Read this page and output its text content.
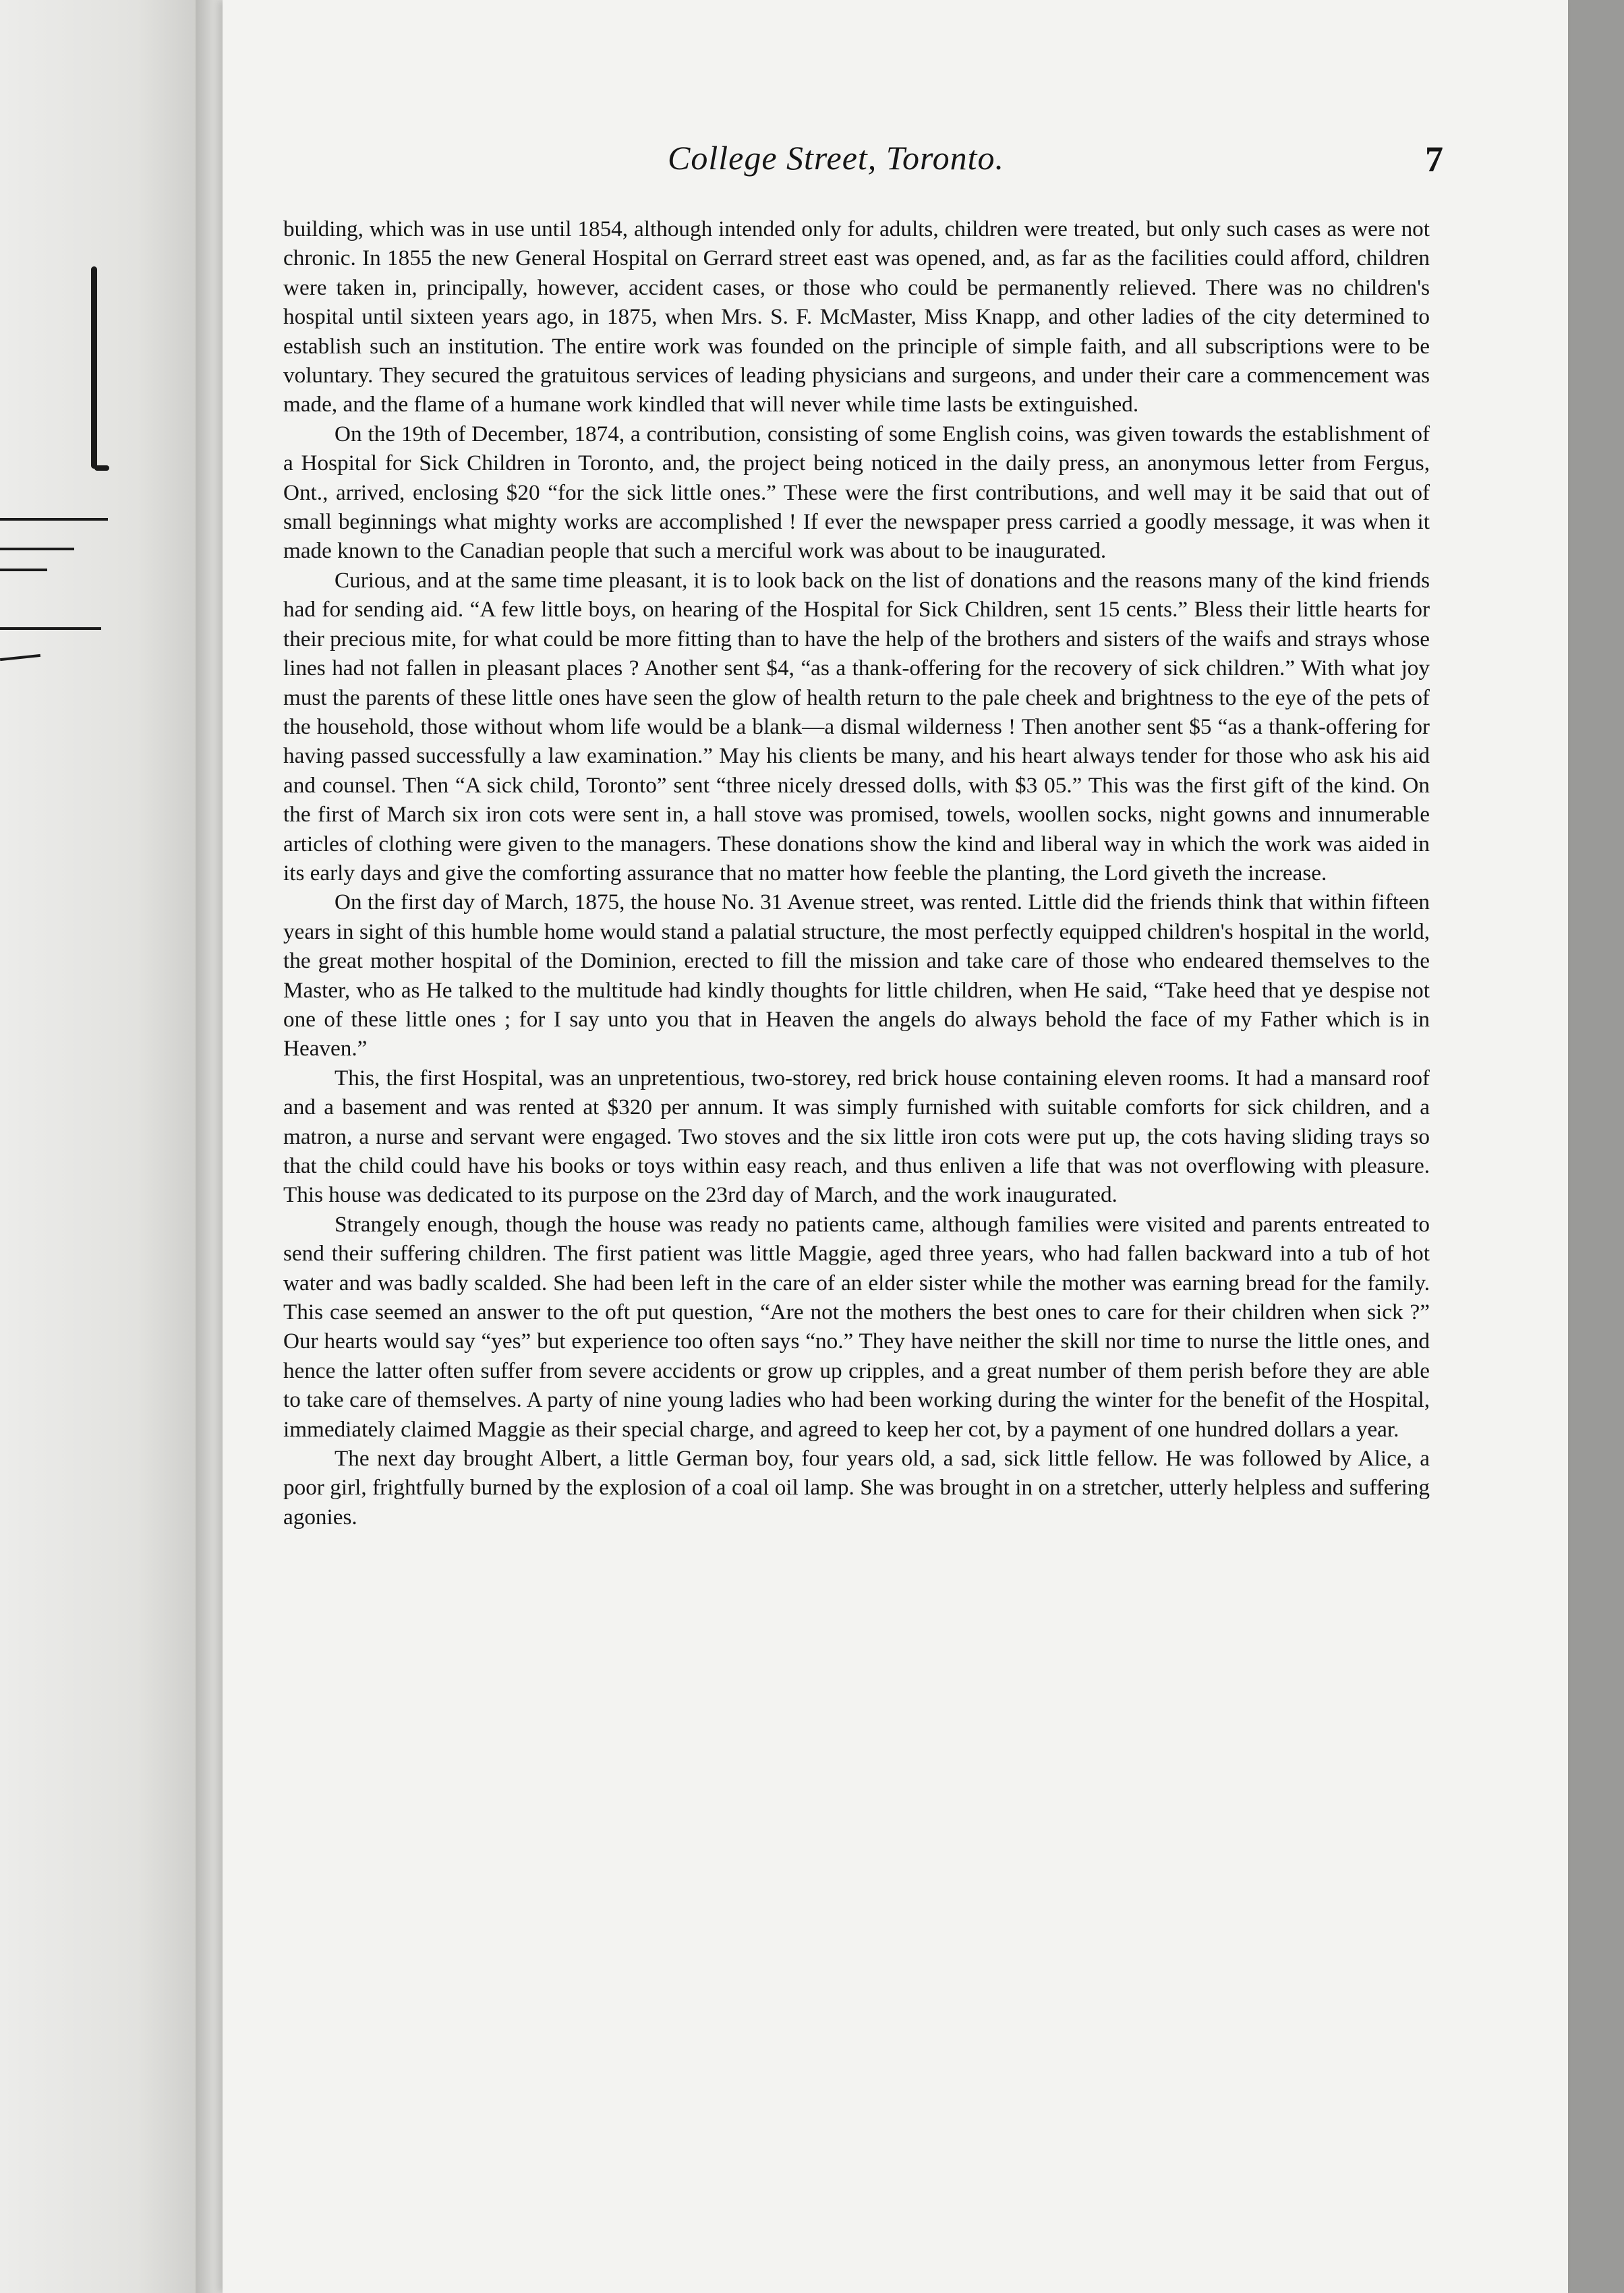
College Street, Toronto.	7

building, which was in use until 1854, although intended only for adults, children were treated, but only such cases as were not chronic. In 1855 the new General Hospital on Gerrard street east was opened, and, as far as the facilities could afford, children were taken in, principally, however, accident cases, or those who could be permanently relieved. There was no children's hospital until sixteen years ago, in 1875, when Mrs. S. F. McMaster, Miss Knapp, and other ladies of the city determined to establish such an institution. The entire work was founded on the principle of simple faith, and all subscriptions were to be voluntary. They secured the gratuitous services of leading physicians and surgeons, and under their care a commencement was made, and the flame of a humane work kindled that will never while time lasts be extinguished.

On the 19th of December, 1874, a contribution, consisting of some English coins, was given towards the establishment of a Hospital for Sick Children in Toronto, and, the project being noticed in the daily press, an anonymous letter from Fergus, Ont., arrived, enclosing $20 “for the sick little ones.” These were the first contributions, and well may it be said that out of small beginnings what mighty works are accomplished ! If ever the newspaper press carried a goodly message, it was when it made known to the Canadian people that such a merciful work was about to be inaugurated.

Curious, and at the same time pleasant, it is to look back on the list of donations and the reasons many of the kind friends had for sending aid. “A few little boys, on hearing of the Hospital for Sick Children, sent 15 cents.” Bless their little hearts for their precious mite, for what could be more fitting than to have the help of the brothers and sisters of the waifs and strays whose lines had not fallen in pleasant places ? Another sent $4, “as a thank-offering for the recovery of sick children.” With what joy must the parents of these little ones have seen the glow of health return to the pale cheek and brightness to the eye of the pets of the household, those without whom life would be a blank—a dismal wilderness ! Then another sent $5 “as a thank-offering for having passed successfully a law examination.” May his clients be many, and his heart always tender for those who ask his aid and counsel. Then “A sick child, Toronto” sent “three nicely dressed dolls, with $3 05.” This was the first gift of the kind. On the first of March six iron cots were sent in, a hall stove was promised, towels, woollen socks, night gowns and innumerable articles of clothing were given to the managers. These donations show the kind and liberal way in which the work was aided in its early days and give the comforting assurance that no matter how feeble the planting, the Lord giveth the increase.

On the first day of March, 1875, the house No. 31 Avenue street, was rented. Little did the friends think that within fifteen years in sight of this humble home would stand a palatial structure, the most perfectly equipped children's hospital in the world, the great mother hospital of the Dominion, erected to fill the mission and take care of those who endeared themselves to the Master, who as He talked to the multitude had kindly thoughts for little children, when He said, “Take heed that ye despise not one of these little ones ; for I say unto you that in Heaven the angels do always behold the face of my Father which is in Heaven.”

This, the first Hospital, was an unpretentious, two-storey, red brick house containing eleven rooms. It had a mansard roof and a basement and was rented at $320 per annum. It was simply furnished with suitable comforts for sick children, and a matron, a nurse and servant were engaged. Two stoves and the six little iron cots were put up, the cots having sliding trays so that the child could have his books or toys within easy reach, and thus enliven a life that was not overflowing with pleasure. This house was dedicated to its purpose on the 23rd day of March, and the work inaugurated.

Strangely enough, though the house was ready no patients came, although families were visited and parents entreated to send their suffering children. The first patient was little Maggie, aged three years, who had fallen backward into a tub of hot water and was badly scalded. She had been left in the care of an elder sister while the mother was earning bread for the family. This case seemed an answer to the oft put question, “Are not the mothers the best ones to care for their children when sick ?” Our hearts would say “yes” but experience too often says “no.” They have neither the skill nor time to nurse the little ones, and hence the latter often suffer from severe accidents or grow up cripples, and a great number of them perish before they are able to take care of themselves. A party of nine young ladies who had been working during the winter for the benefit of the Hospital, immediately claimed Maggie as their special charge, and agreed to keep her cot, by a payment of one hundred dollars a year.

The next day brought Albert, a little German boy, four years old, a sad, sick little fellow. He was followed by Alice, a poor girl, frightfully burned by the explosion of a coal oil lamp. She was brought in on a stretcher, utterly helpless and suffering agonies.
